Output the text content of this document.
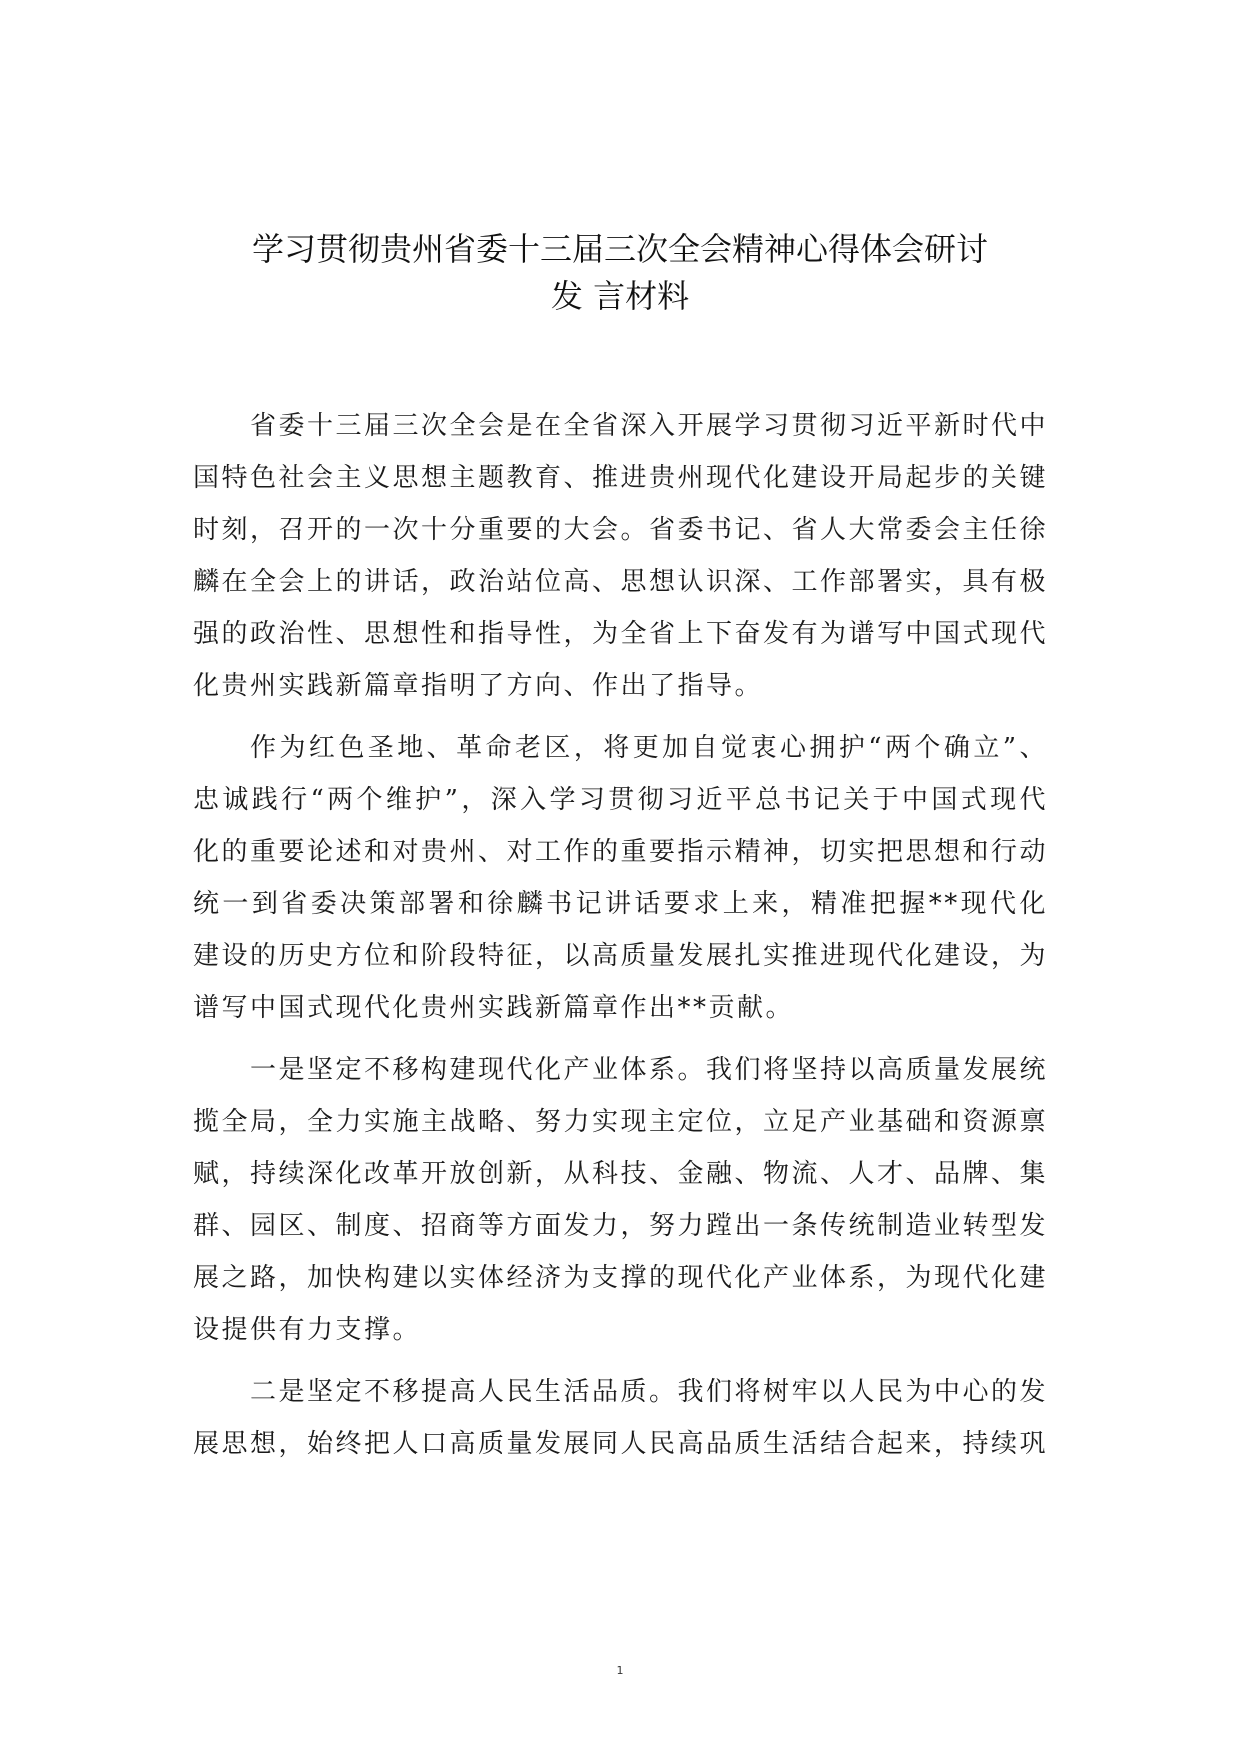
学习贯彻贵州省委十三届三次全会精神心得体会研讨
发 言材料

省委十三届三次全会是在全省深入开展学习贯彻习近平新时代中国特色社会主义思想主题教育、推进贵州现代化建设开局起步的关键时刻，召开的一次十分重要的大会。省委书记、省人大常委会主任徐麟在全会上的讲话，政治站位高、思想认识深、工作部署实，具有极强的政治性、思想性和指导性，为全省上下奋发有为谱写中国式现代化贵州实践新篇章指明了方向、作出了指导。

作为红色圣地、革命老区，将更加自觉衷心拥护“两个确立”、忠诚践行“两个维护”，深入学习贯彻习近平总书记关于中国式现代化的重要论述和对贵州、对工作的重要指示精神，切实把思想和行动统一到省委决策部署和徐麟书记讲话要求上来，精准把握**现代化建设的历史方位和阶段特征，以高质量发展扎实推进现代化建设，为谱写中国式现代化贵州实践新篇章作出**贡献。

一是坚定不移构建现代化产业体系。我们将坚持以高质量发展统揽全局，全力实施主战略、努力实现主定位，立足产业基础和资源禀赋，持续深化改革开放创新，从科技、金融、物流、人才、品牌、集群、园区、制度、招商等方面发力，努力蹚出一条传统制造业转型发展之路，加快构建以实体经济为支撑的现代化产业体系，为现代化建设提供有力支撑。

二是坚定不移提高人民生活品质。我们将树牢以人民为中心的发展思想，始终把人口高质量发展同人民高品质生活结合起来，持续巩

1
